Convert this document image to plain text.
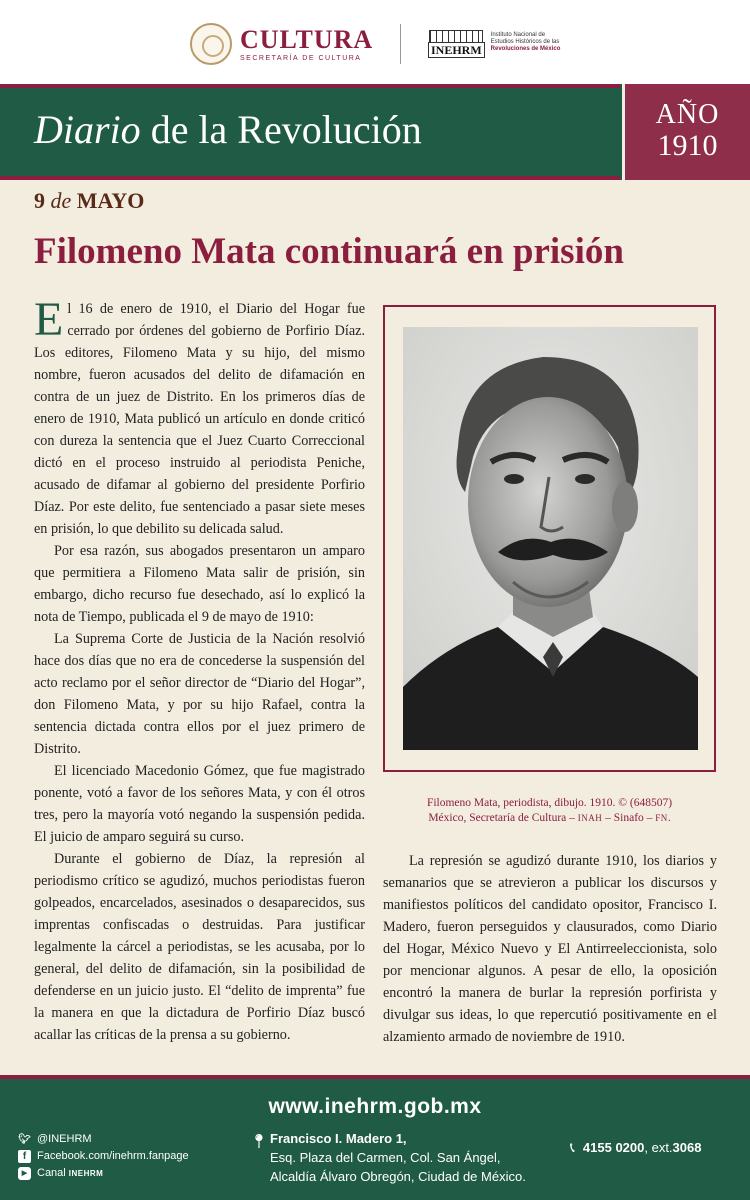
CULTURA
SECRETARÍA DE CULTURA
INEHRM
Instituto Nacional de
Estudios Históricos de las
Revoluciones de México
Diario de la Revolución	AÑO
1910
9 de MAYO
Filomeno Mata continuará en prisión

El 16 de enero de 1910, el Diario del Hogar fue cerrado por órdenes del gobierno de Porfirio Díaz. Los editores, Filomeno Mata y su hijo, del mismo nombre, fueron acusados del delito de difamación en contra de un juez de Distrito. En los primeros días de enero de 1910, Mata publicó un artículo en donde criticó con dureza la sentencia que el Juez Cuarto Correccional dictó en el proceso instruido al periodista Peniche, acusado de difamar al gobierno del presidente Porfirio Díaz. Por este delito, fue sentenciado a pasar siete meses en prisión, lo que debilito su delicada salud.

Por esa razón, sus abogados presentaron un amparo que permitiera a Filomeno Mata salir de prisión, sin embargo, dicho recurso fue desechado, así lo explicó la nota de Tiempo, publicada el 9 de mayo de 1910:

La Suprema Corte de Justicia de la Nación resolvió hace dos días que no era de concederse la suspensión del acto reclamo por el señor director de “Diario del Hogar”, don Filomeno Mata, y por su hijo Rafael, contra la sentencia dictada contra ellos por el juez primero de Distrito.

El licenciado Macedonio Gómez, que fue magistrado ponente, votó a favor de los señores Mata, y con él otros tres, pero la mayoría votó negando la suspensión pedida. El juicio de amparo seguirá su curso.

Durante el gobierno de Díaz, la represión al periodismo crítico se agudizó, muchos periodistas fueron golpeados, encarcelados, asesinados o desaparecidos, sus imprentas confiscadas o destruidas. Para justificar legalmente la cárcel a periodistas, se les acusaba, por lo general, del delito de difamación, sin la posibilidad de defenderse en un juicio justo. El “delito de imprenta” fue la manera en que la dictadura de Porfirio Díaz buscó acallar las críticas de la prensa a su gobierno.

Filomeno Mata, periodista, dibujo. 1910. © (648507)
México, Secretaría de Cultura – INAH – Sinafo – FN.

La represión se agudizó durante 1910, los diarios y semanarios que se atrevieron a publicar los discursos y manifiestos políticos del candidato opositor, Francisco I. Madero, fueron perseguidos y clausurados, como Diario del Hogar, México Nuevo y El Antirreeleccionista, solo por mencionar algunos. A pesar de ello, la oposición encontró la manera de burlar la represión porfirista y divulgar sus ideas, lo que repercutió positivamente en el alzamiento armado de noviembre de 1910.

www.inehrm.gob.mx
🐦︎ @INEHRM
f Facebook.com/inehrm.fanpage
▶ Canal INEHRM
📍︎ Francisco I. Madero 1,
Esq. Plaza del Carmen, Col. San Ángel,
Alcaldía Álvaro Obregón, Ciudad de México.
📞︎ 4155 0200 , ext. 3068
